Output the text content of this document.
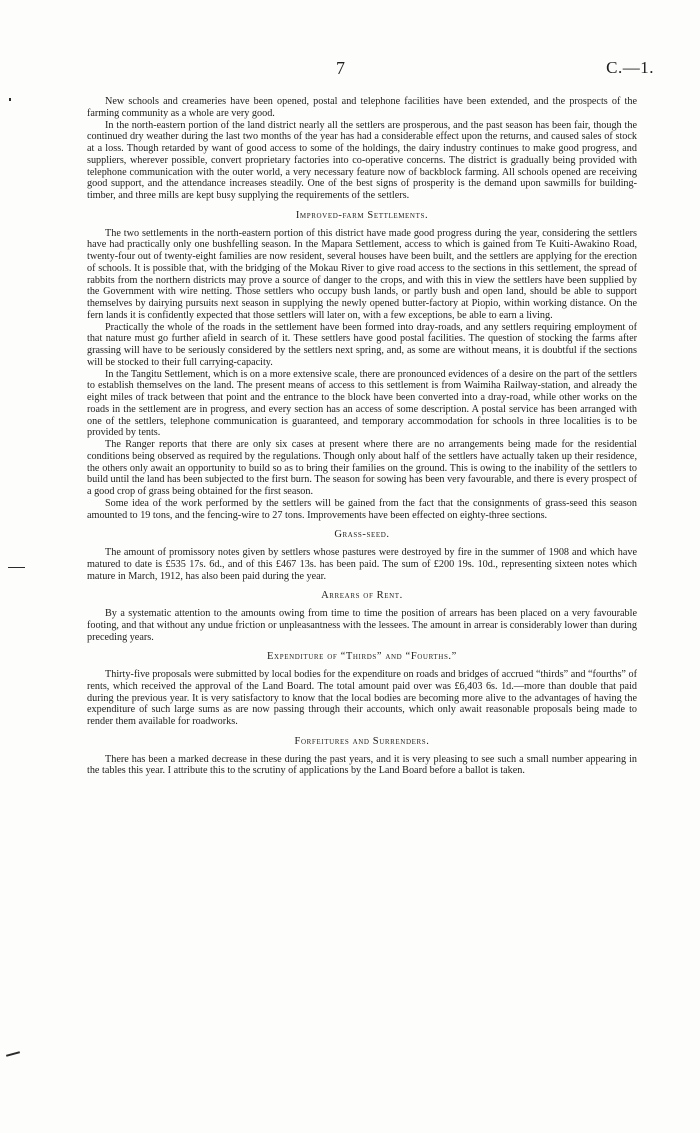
7	C.—1.

New schools and creameries have been opened, postal and telephone facilities have been extended, and the prospects of the farming community as a whole are very good.

In the north-eastern portion of the land district nearly all the settlers are prosperous, and the past season has been fair, though the continued dry weather during the last two months of the year has had a considerable effect upon the returns, and caused sales of stock at a loss. Though retarded by want of good access to some of the holdings, the dairy industry continues to make good progress, and suppliers, wherever possible, convert proprietary factories into co-operative concerns. The district is gradually being provided with telephone communication with the outer world, a very necessary feature now of backblock farming. All schools opened are receiving good support, and the attendance increases steadily. One of the best signs of prosperity is the demand upon sawmills for building-timber, and three mills are kept busy supplying the requirements of the settlers.

Improved-farm Settlements.

The two settlements in the north-eastern portion of this district have made good progress during the year, considering the settlers have had practically only one bushfelling season. In the Mapara Settlement, access to which is gained from Te Kuiti-Awakino Road, twenty-four out of twenty-eight families are now resident, several houses have been built, and the settlers are applying for the erection of schools. It is possible that, with the bridging of the Mokau River to give road access to the sections in this settlement, the spread of rabbits from the northern districts may prove a source of danger to the crops, and with this in view the settlers have been supplied by the Government with wire netting. Those settlers who occupy bush lands, or partly bush and open land, should be able to support themselves by dairying pursuits next season in supplying the newly opened butter-factory at Piopio, within working distance. On the fern lands it is confidently expected that those settlers will later on, with a few exceptions, be able to earn a living.

Practically the whole of the roads in the settlement have been formed into dray-roads, and any settlers requiring employment of that nature must go further afield in search of it. These settlers have good postal facilities. The question of stocking the farms after grassing will have to be seriously considered by the settlers next spring, and, as some are without means, it is doubtful if the sections will be stocked to their full carrying-capacity.

In the Tangitu Settlement, which is on a more extensive scale, there are pronounced evidences of a desire on the part of the settlers to establish themselves on the land. The present means of access to this settlement is from Waimiha Railway-station, and already the eight miles of track between that point and the entrance to the block have been converted into a dray-road, while other works on the roads in the settlement are in progress, and every section has an access of some description. A postal service has been arranged with one of the settlers, telephone communication is guaranteed, and temporary accommodation for schools in three localities is to be provided by tents.

The Ranger reports that there are only six cases at present where there are no arrangements being made for the residential conditions being observed as required by the regulations. Though only about half of the settlers have actually taken up their residence, the others only await an opportunity to build so as to bring their families on the ground. This is owing to the inability of the settlers to build until the land has been subjected to the first burn. The season for sowing has been very favourable, and there is every prospect of a good crop of grass being obtained for the first season.

Some idea of the work performed by the settlers will be gained from the fact that the consignments of grass-seed this season amounted to 19 tons, and the fencing-wire to 27 tons. Improvements have been effected on eighty-three sections.

Grass-seed.

The amount of promissory notes given by settlers whose pastures were destroyed by fire in the summer of 1908 and which have matured to date is £535 17s. 6d., and of this £467 13s. has been paid. The sum of £200 19s. 10d., representing sixteen notes which mature in March, 1912, has also been paid during the year.

Arrears of Rent.

By a systematic attention to the amounts owing from time to time the position of arrears has been placed on a very favourable footing, and that without any undue friction or unpleasantness with the lessees. The amount in arrear is considerably lower than during preceding years.

Expenditure of “Thirds” and “Fourths.”

Thirty-five proposals were submitted by local bodies for the expenditure on roads and bridges of accrued “thirds” and “fourths” of rents, which received the approval of the Land Board. The total amount paid over was £6,403 6s. 1d.—more than double that paid during the previous year. It is very satisfactory to know that the local bodies are becoming more alive to the advantages of having the expenditure of such large sums as are now passing through their accounts, which only await reasonable proposals being made to render them available for roadworks.

Forfeitures and Surrenders.

There has been a marked decrease in these during the past years, and it is very pleasing to see such a small number appearing in the tables this year. I attribute this to the scrutiny of applications by the Land Board before a ballot is taken.
